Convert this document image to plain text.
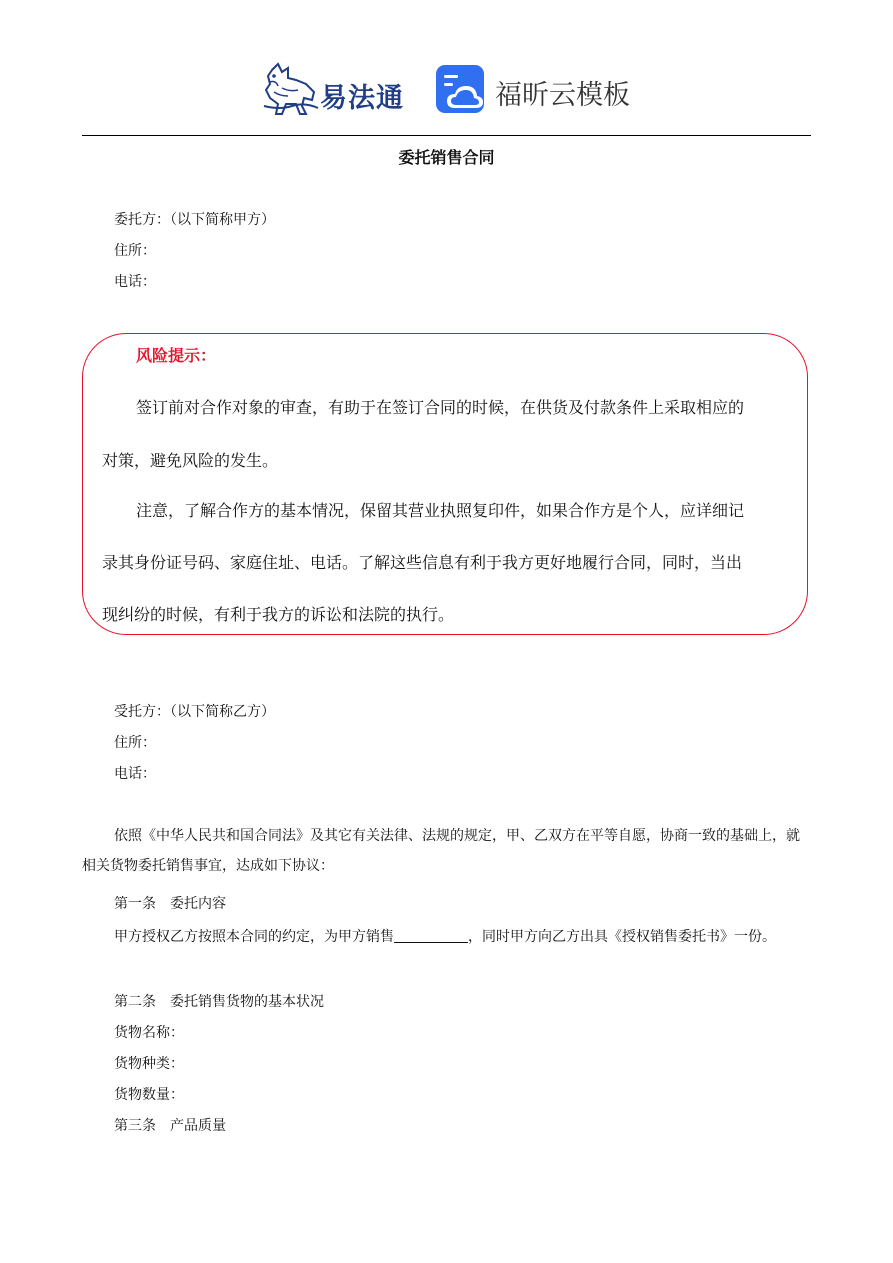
易法通	福昕云模板
委托销售合同
委托方：（以下简称甲方）
住所：
电话：
风险提示：
签订前对合作对象的审查，有助于在签订合同的时候，在供货及付款条件上采取相应的
对策，避免风险的发生。
注意，了解合作方的基本情况，保留其营业执照复印件，如果合作方是个人，应详细记
录其身份证号码、家庭住址、电话。了解这些信息有利于我方更好地履行合同，同时，当出
现纠纷的时候，有利于我方的诉讼和法院的执行。
受托方：（以下简称乙方）
住所：
电话：
依照《中华人民共和国合同法》及其它有关法律、法规的规定，甲、乙双方在平等自愿，协商一致的基础上，就相关货物委托销售事宜，达成如下协议：
第一条　委托内容
甲方授权乙方按照本合同的约定，为甲方销售	，同时甲方向乙方出具《授权销售委托书》一份。
第二条　委托销售货物的基本状况
货物名称：
货物种类：
货物数量：
第三条　产品质量
